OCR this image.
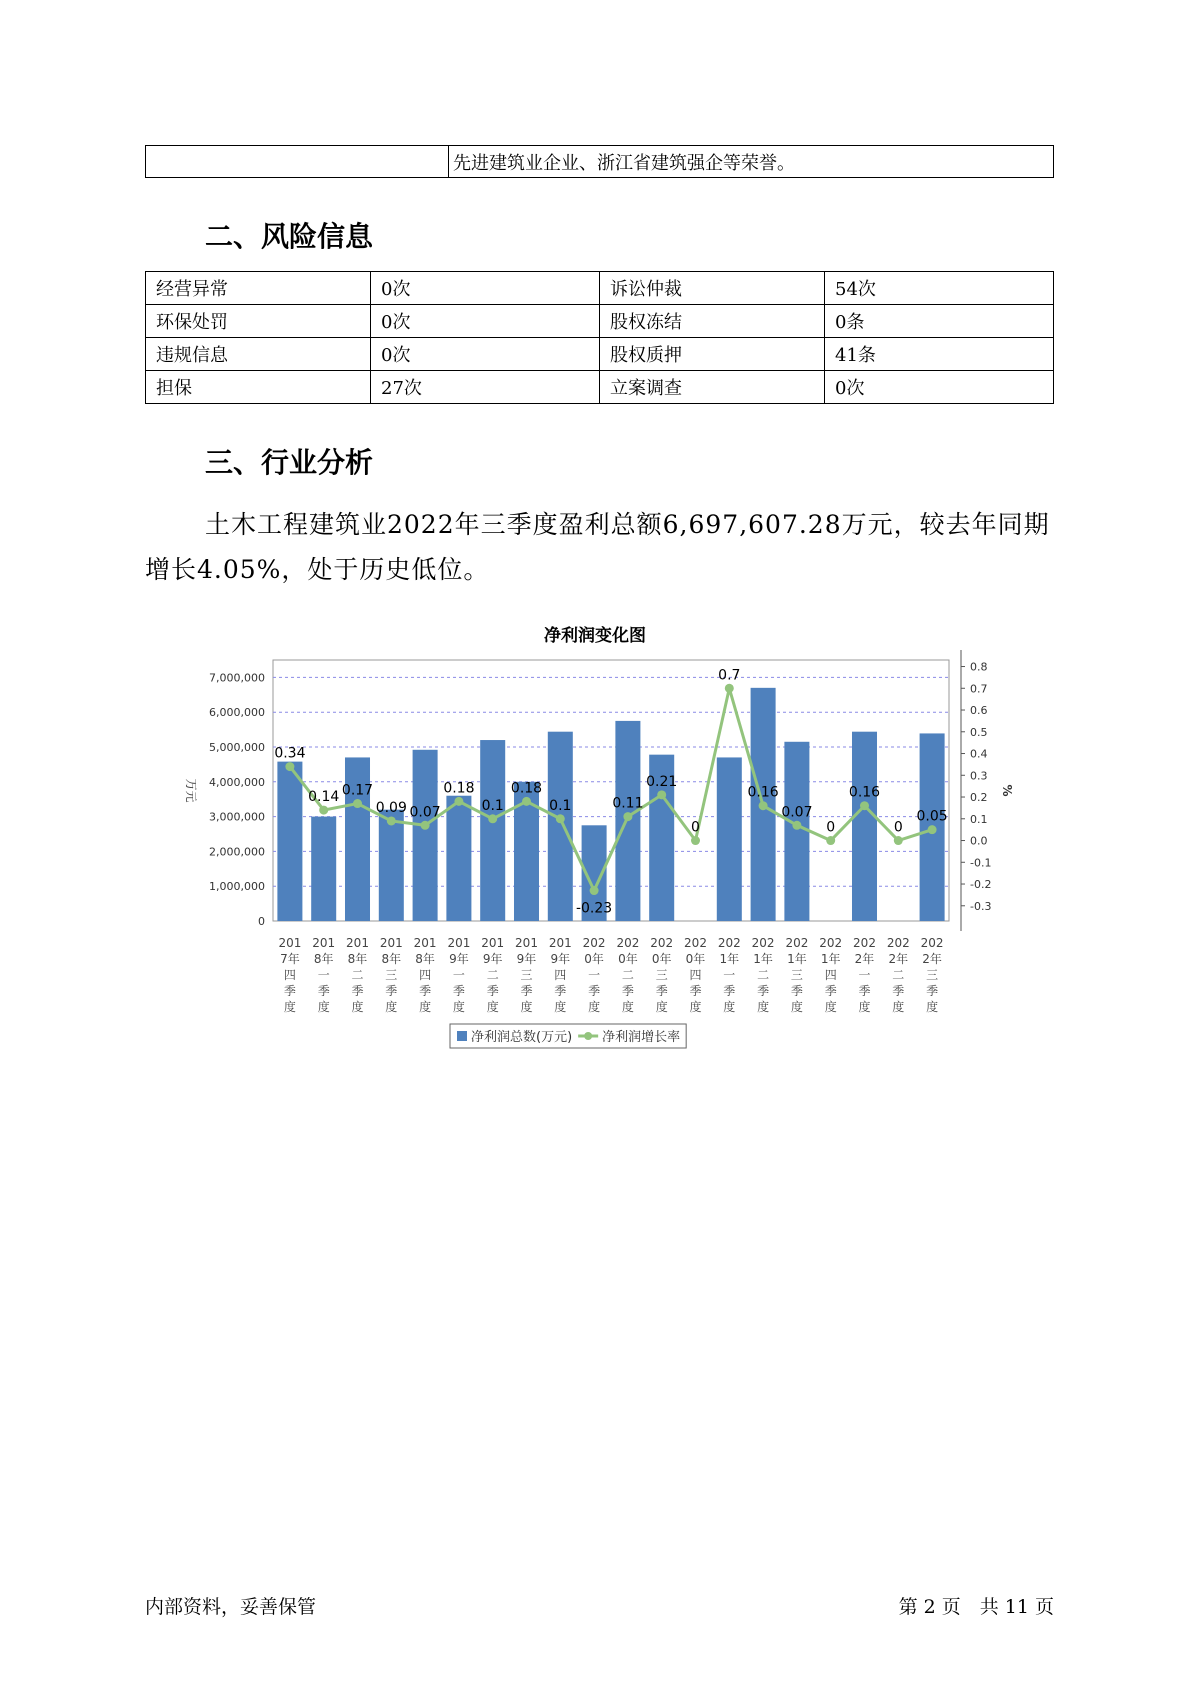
	先进建筑业企业、浙江省建筑强企等荣誉。
二、风险信息
经营异常	0次	诉讼仲裁	54次
环保处罚	0次	股权冻结	0条
违规信息	0次	股权质押	41条
担保	27次	立案调查	0次
三、行业分析
土木工程建筑业2022年三季度盈利总额6,697,607.28万元，较去年同期增长4.05%，处于历史低位。
净利润变化图
0
1,000,000
2,000,000
3,000,000
4,000,000
5,000,000
6,000,000
7,000,000
-0.3
-0.2
-0.1
0.0
0.1
0.2
0.3
0.4
0.5
0.6
0.7
0.8
万元	%
0.34
0.14 0.17
0.09 0.07
0.18
0.1
0.18
0.1
-0.23
0.11
0.21
0
0.7
0.16
0.07
0
0.16
0
0.05
201
7年
四
季
度
201
8年
一
季
度
201
8年
二
季
度
201
8年
三
季
度
201
8年
四
季
度
201
9年
一
季
度
201
9年
二
季
度
201
9年
三
季
度
201
9年
四
季
度
202
0年
一
季
度
202
0年
二
季
度
202
0年
三
季
度
202
0年
四
季
度
202
1年
一
季
度
202
1年
二
季
度
202
1年
三
季
度
202
1年
四
季
度
202
2年
一
季
度
202
2年
二
季
度
202
2年
三
季
度
净利润总数(万元) 净利润增长率
内部资料，妥善保管	第 2 页　共 11 页
